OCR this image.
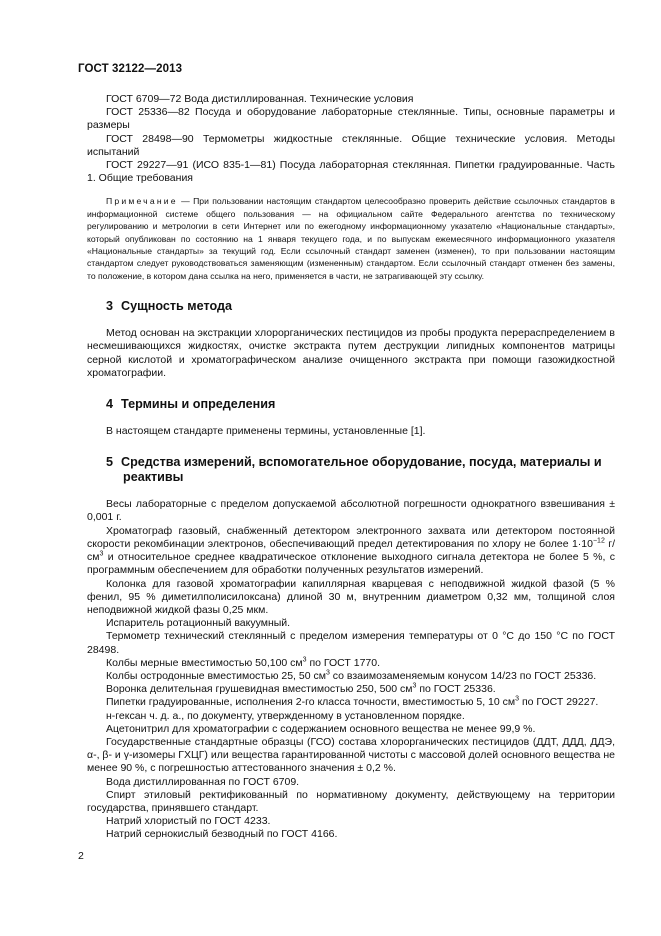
ГОСТ 32122—2013

ГОСТ 6709—72 Вода дистиллированная. Технические условия

ГОСТ 25336—82 Посуда и оборудование лабораторные стеклянные. Типы, основные параметры и размеры

ГОСТ 28498—90 Термометры жидкостные стеклянные. Общие технические условия. Методы испытаний

ГОСТ 29227—91 (ИСО 835-1—81) Посуда лабораторная стеклянная. Пипетки градуированные. Часть 1. Общие требования

Примечание — При пользовании настоящим стандартом целесообразно проверить действие ссылочных стандартов в информационной системе общего пользования — на официальном сайте Федерального агентства по техническому регулированию и метрологии в сети Интернет или по ежегодному информационному указателю «Национальные стандарты», который опубликован по состоянию на 1 января текущего года, и по выпускам ежемесячного информационного указателя «Национальные стандарты» за текущий год. Если ссылочный стандарт заменен (изменен), то при пользовании настоящим стандартом следует руководствоваться заменяющим (измененным) стандартом. Если ссылочный стандарт отменен без замены, то положение, в котором дана ссылка на него, применяется в части, не затрагивающей эту ссылку.
3 Сущность метода

Метод основан на экстракции хлорорганических пестицидов из пробы продукта перераспределением в несмешивающихся жидкостях, очистке экстракта путем деструкции липидных компонентов матрицы серной кислотой и хроматографическом анализе очищенного экстракта при помощи газожидкостной хроматографии.

4 Термины и определения

В настоящем стандарте применены термины, установленные [1].

5 Средства измерений, вспомогательное оборудование, посуда, материалы и реактивы

Весы лабораторные с пределом допускаемой абсолютной погрешности однократного взвешивания ± 0,001 г.

Хроматограф газовый, снабженный детектором электронного захвата или детектором постоянной скорости рекомбинации электронов, обеспечивающий предел детектирования по хлору не более $1\cdot 10^{-12}$ $г/см^3$ и относительное среднее квадратическое отклонение выходного сигнала детектора не более 5 %, с программным обеспечением для обработки полученных результатов измерений.

Колонка для газовой хроматографии капиллярная кварцевая с неподвижной жидкой фазой (5 % фенил, 95 % диметилполисилоксана) длиной 30 м, внутренним диаметром 0,32 мм, толщиной слоя неподвижной жидкой фазы 0,25 мкм.

Испаритель ротационный вакуумный.

Термометр технический стеклянный с пределом измерения температуры от 0 °С до 150 °С по ГОСТ 28498.

Колбы мерные вместимостью 50,100 $см^3$ по ГОСТ 1770.

Колбы остродонные вместимостью 25, 50 $см^3$ со взаимозаменяемым конусом 14/23 по ГОСТ 25336.

Воронка делительная грушевидная вместимостью 250, 500 $см^3$ по ГОСТ 25336.

Пипетки градуированные, исполнения 2-го класса точности, вместимостью 5, 10 $см^3$ по ГОСТ 29227.

н-гексан ч. д. а., по документу, утвержденному в установленном порядке.

Ацетонитрил для хроматографии с содержанием основного вещества не менее 99,9 %.

Государственные стандартные образцы (ГСО) состава хлорорганических пестицидов (ДДТ, ДДД, ДДЭ, α-, β- и γ-изомеры ГХЦГ) или вещества гарантированной чистоты с массовой долей основного вещества не менее 90 %, с погрешностью аттестованного значения ± 0,2 %.

Вода дистиллированная по ГОСТ 6709.

Спирт этиловый ректификованный по нормативному документу, действующему на территории государства, принявшего стандарт.

Натрий хлористый по ГОСТ 4233.

Натрий сернокислый безводный по ГОСТ 4166.

2
